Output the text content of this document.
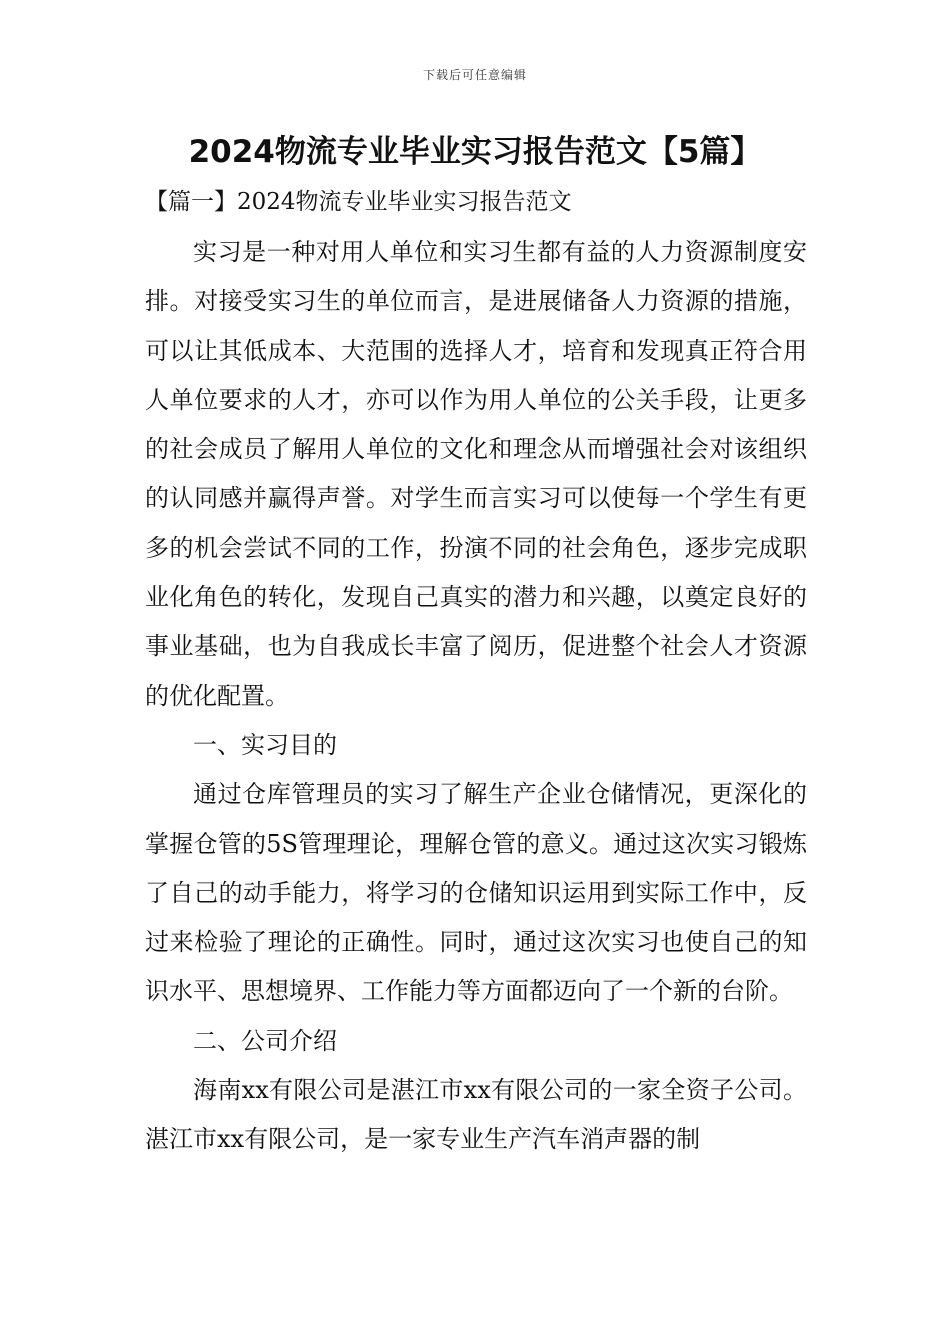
下载后可任意编辑
2024物流专业毕业实习报告范文【5篇】
【篇一】2024物流专业毕业实习报告范文

实习是一种对用人单位和实习生都有益的人力资源制度安排。对接受实习生的单位而言，是进展储备人力资源的措施，可以让其低成本、大范围的选择人才，培育和发现真正符合用人单位要求的人才，亦可以作为用人单位的公关手段，让更多的社会成员了解用人单位的文化和理念从而增强社会对该组织的认同感并赢得声誉。对学生而言实习可以使每一个学生有更多的机会尝试不同的工作，扮演不同的社会角色，逐步完成职业化角色的转化，发现自己真实的潜力和兴趣，以奠定良好的事业基础，也为自我成长丰富了阅历，促进整个社会人才资源的优化配置。

一、实习目的

通过仓库管理员的实习了解生产企业仓储情况，更深化的掌握仓管的5S管理理论，理解仓管的意义。通过这次实习锻炼了自己的动手能力，将学习的仓储知识运用到实际工作中，反过来检验了理论的正确性。同时，通过这次实习也使自己的知识水平、思想境界、工作能力等方面都迈向了一个新的台阶。

二、公司介绍

海南xx有限公司是湛江市xx有限公司的一家全资子公司。湛江市xx有限公司，是一家专业生产汽车消声器的制
